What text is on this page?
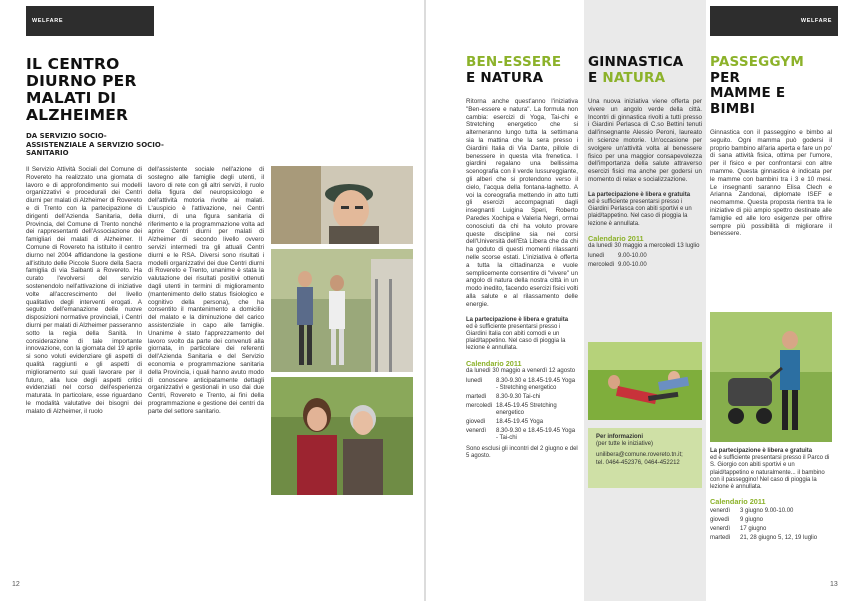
WELFARE
IL CENTRO DIURNO PER MALATI DI ALZHEIMER
DA SERVIZIO SOCIO-ASSISTENZIALE A SERVIZIO SOCIO-SANITARIO

Il Servizio Attività Sociali del Comune di Rovereto ha realizzato una giornata di lavoro e di approfondimento sui modelli organizzativi e procedurali dei Centri diurni per malati di Alzheimer di Rovereto e di Trento con la partecipazione di dirigenti dell'Azienda Sanitaria, della Provincia, del Comune di Trento nonché dei rappresentanti dell'Associazione dei famigliari dei malati di Alzheimer. Il Comune di Rovereto ha istituito il centro diurno nel 2004 affidandone la gestione all'istituto delle Piccole Suore della Sacra famiglia di via Saibanti a Rovereto. Ha curato l'evolversi del servizio sostenendolo nell'attivazione di iniziative volte all'accrescimento del livello qualitativo degli interventi erogati. A seguito dell'emanazione delle nuove disposizioni normative provinciali, i Centri diurni per malati di Alzheimer passeranno sotto la regia della Sanità. In considerazione di tale importante innovazione, con la giornata del 19 aprile si sono voluti evidenziare gli aspetti di qualità raggiunti e gli aspetti di miglioramento sui quali lavorare per il futuro, alla luce degli aspetti critici evidenziati nel corso dell'esperienza maturata. In particolare, esse riguardano le modalità valutative dei bisogni dei malato di Alzheimer, il ruolo

dell'assistente sociale nell'azione di sostegno alle famiglie degli utenti, il lavoro di rete con gli altri servizi, il ruolo della figura del neuropsicologo e dell'attività motoria rivolte ai malati. L'auspicio è l'attivazione, nei Centri diurni, di una figura sanitaria di riferimento e la programmazione volta ad aprire Centri diurni per malati di Alzheimer di secondo livello ovvero servizi intermedi tra gli attuali Centri diurni e le RSA. Diversi sono risultati i modelli organizzativi dei due Centri diurni di Rovereto e Trento, unanime è stata la valutazione dei risultati positivi ottenuti dagli utenti in termini di miglioramento (mantenimento dello status fisiologico e cognitivo della persona), che ha consentito il mantenimento a domicilio del malato e la diminuzione del carico assistenziale in capo alle famiglie. Unanime è stato l'apprezzamento del lavoro svolto da parte dei convenuti alla giornata, in particolare dei referenti dell'Azienda Sanitaria e del Servizio economia e programmazione sanitaria della Provincia, i quali hanno avuto modo di conoscere anticipatamente dettagli organizzativi e gestionali in uso dai due Centri, Rovereto e Trento, ai fini della programmazione e gestione dei centri da parte del settore sanitario.

12
WELFARE
BEN-ESSERE
E NATURA

Ritorna anche quest'anno l'iniziativa "Ben-essere e natura". La formula non cambia: esercizi di Yoga, Tai-chi e Stretching energetico che si alterneranno lungo tutta la settimana sia la mattina che la sera presso i Giardini Italia di Via Dante, pillole di benessere in questa vita frenetica. I giardini regalano una bellissima scenografia con il verde lussureggiante, gli alberi che si protendono verso il cielo, l'acqua della fontana-laghetto. A voi la coreografia mettendo in atto tutti gli esercizi accompagnati dagli insegnanti Luigina Speri, Roberto Paredes Xochipa e Valeria Negri, ormai conosciuti da chi ha voluto provare queste discipline sia nei corsi dell'Università dell'Età Libera che da chi ha goduto di questi momenti rilassanti nelle scorse estati. L'iniziativa è offerta a tutta la cittadinanza e vuole semplicemente consentire di "vivere" un angolo di natura della nostra città in un modo inedito, facendo esercizi fisici volti alla salute e al rilassamento delle energie.

La partecipazione è libera e gratuita
ed è sufficiente presentarsi presso i Giardini Italia con abiti comodi e un plaid/tappetino. Nel caso di pioggia la lezione è annullata.

Calendario 2011

da lunedì 30 maggio a venerdì 12 agosto

lunedì	8.30-9.30 e 18.45-19.45 Yoga - Stretching energetico
martedì	8.30-9.30 Tai-chi
mercoledì	18.45-19.45 Stretching energetico
giovedì	18.45-19.45 Yoga
venerdì	8.30-9.30 e 18.45-19.45 Yoga - Tai-chi

Sono esclusi gli incontri del 2 giugno e del 5 agosto.

GINNASTICA
E NATURA

Una nuova iniziativa viene offerta per vivere un angolo verde della città. Incontri di ginnastica rivolti a tutti presso i Giardini Perlasca di C.so Bettini tenuti dall'insegnante Alessio Peroni, laureato in scienze motorie. Un'occasione per svolgere un'attività volta al benessere fisico per una maggior consapevolezza dell'importanza della salute attraverso esercizi fisici ma anche per godersi un momento di relax e socializzazione.

La partecipazione è libera e gratuita
ed è sufficiente presentarsi presso i Giardini Perlasca con abiti sportivi e un plaid/tappetino. Nel caso di pioggia la lezione è annullata.

Calendario 2011

da lunedì 30 maggio a mercoledì 13 luglio

lunedì	9.00-10.00
mercoledì	9.00-10.00

Per informazioni

(per tutte le iniziative)

unilibera@comune.rovereto.tn.it;

tel. 0464-452376, 0464-452212

PASSEGGYM PER
MAMME E BIMBI

Ginnastica con il passeggino e bimbo al seguito. Ogni mamma può godersi il proprio bambino all'aria aperta e fare un po' di sana attività fisica, ottima per l'umore, per il fisico e per confrontarsi con altre mamme. Questa ginnastica è indicata per le mamme con bambini tra i 3 e 10 mesi. Le insegnanti saranno Elisa Clech e Arianna Zandonai, diplomate ISEF e neomamme. Questa proposta rientra tra le iniziative di più ampio spettro destinate alle famiglie ed alle loro esigenze per offrire sempre più possibilità di migliorare il benessere.

La partecipazione è libera e gratuita
ed è sufficiente presentarsi presso il Parco di S. Giorgio con abiti sportivi e un plaid/tappetino e naturalmente... il bambino con il passeggino! Nel caso di pioggia la lezione è annullata.

Calendario 2011

venerdì	3 giugno 9.00-10.00
giovedì	9 giugno
venerdì	17 giugno
martedì	21, 28 giugno 5, 12, 19 luglio
13
